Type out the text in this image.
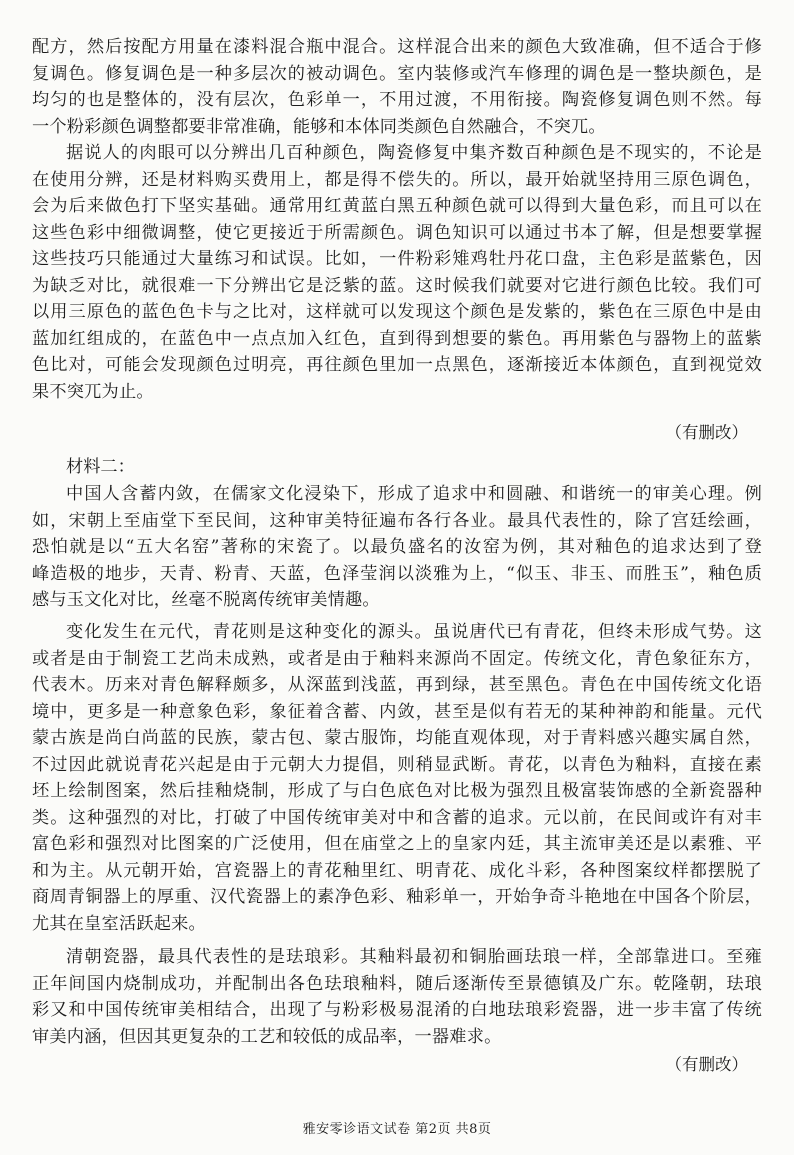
配方，然后按配方用量在漆料混合瓶中混合。这样混合出来的颜色大致准确，但不适合于修
复调色。修复调色是一种多层次的被动调色。室内装修或汽车修理的调色是一整块颜色，是
均匀的也是整体的，没有层次，色彩单一，不用过渡，不用衔接。陶瓷修复调色则不然。每
一个粉彩颜色调整都要非常准确，能够和本体同类颜色自然融合，不突兀。
据说人的肉眼可以分辨出几百种颜色，陶瓷修复中集齐数百种颜色是不现实的，不论是
在使用分辨，还是材料购买费用上，都是得不偿失的。所以，最开始就坚持用三原色调色，
会为后来做色打下坚实基础。通常用红黄蓝白黑五种颜色就可以得到大量色彩，而且可以在
这些色彩中细微调整，使它更接近于所需颜色。调色知识可以通过书本了解，但是想要掌握
这些技巧只能通过大量练习和试误。比如，一件粉彩雉鸡牡丹花口盘，主色彩是蓝紫色，因
为缺乏对比，就很难一下分辨出它是泛紫的蓝。这时候我们就要对它进行颜色比较。我们可
以用三原色的蓝色色卡与之比对，这样就可以发现这个颜色是发紫的，紫色在三原色中是由
蓝加红组成的，在蓝色中一点点加入红色，直到得到想要的紫色。再用紫色与器物上的蓝紫
色比对，可能会发现颜色过明亮，再往颜色里加一点黑色，逐渐接近本体颜色，直到视觉效
果不突兀为止。
（有删改）
材料二：
中国人含蓄内敛，在儒家文化浸染下，形成了追求中和圆融、和谐统一的审美心理。例
如，宋朝上至庙堂下至民间，这种审美特征遍布各行各业。最具代表性的，除了宫廷绘画，
恐怕就是以“五大名窑”著称的宋瓷了。以最负盛名的汝窑为例，其对釉色的追求达到了登
峰造极的地步，天青、粉青、天蓝，色泽莹润以淡雅为上，“似玉、非玉、而胜玉”，釉色质
感与玉文化对比，丝毫不脱离传统审美情趣。
变化发生在元代，青花则是这种变化的源头。虽说唐代已有青花，但终未形成气势。这
或者是由于制瓷工艺尚未成熟，或者是由于釉料来源尚不固定。传统文化，青色象征东方，
代表木。历来对青色解释颇多，从深蓝到浅蓝，再到绿，甚至黑色。青色在中国传统文化语
境中，更多是一种意象色彩，象征着含蓄、内敛，甚至是似有若无的某种神韵和能量。元代
蒙古族是尚白尚蓝的民族，蒙古包、蒙古服饰，均能直观体现，对于青料感兴趣实属自然，
不过因此就说青花兴起是由于元朝大力提倡，则稍显武断。青花，以青色为釉料，直接在素
坯上绘制图案，然后挂釉烧制，形成了与白色底色对比极为强烈且极富装饰感的全新瓷器种
类。这种强烈的对比，打破了中国传统审美对中和含蓄的追求。元以前，在民间或许有对丰
富色彩和强烈对比图案的广泛使用，但在庙堂之上的皇家内廷，其主流审美还是以素雅、平
和为主。从元朝开始，宫瓷器上的青花釉里红、明青花、成化斗彩，各种图案纹样都摆脱了
商周青铜器上的厚重、汉代瓷器上的素净色彩、釉彩单一，开始争奇斗艳地在中国各个阶层，
尤其在皇室活跃起来。
清朝瓷器，最具代表性的是珐琅彩。其釉料最初和铜胎画珐琅一样，全部靠进口。至雍
正年间国内烧制成功，并配制出各色珐琅釉料，随后逐渐传至景德镇及广东。乾隆朝，珐琅
彩又和中国传统审美相结合，出现了与粉彩极易混淆的白地珐琅彩瓷器，进一步丰富了传统
审美内涵，但因其更复杂的工艺和较低的成品率，一器难求。
（有删改）
雅安零诊语文试卷 第2页 共8页
